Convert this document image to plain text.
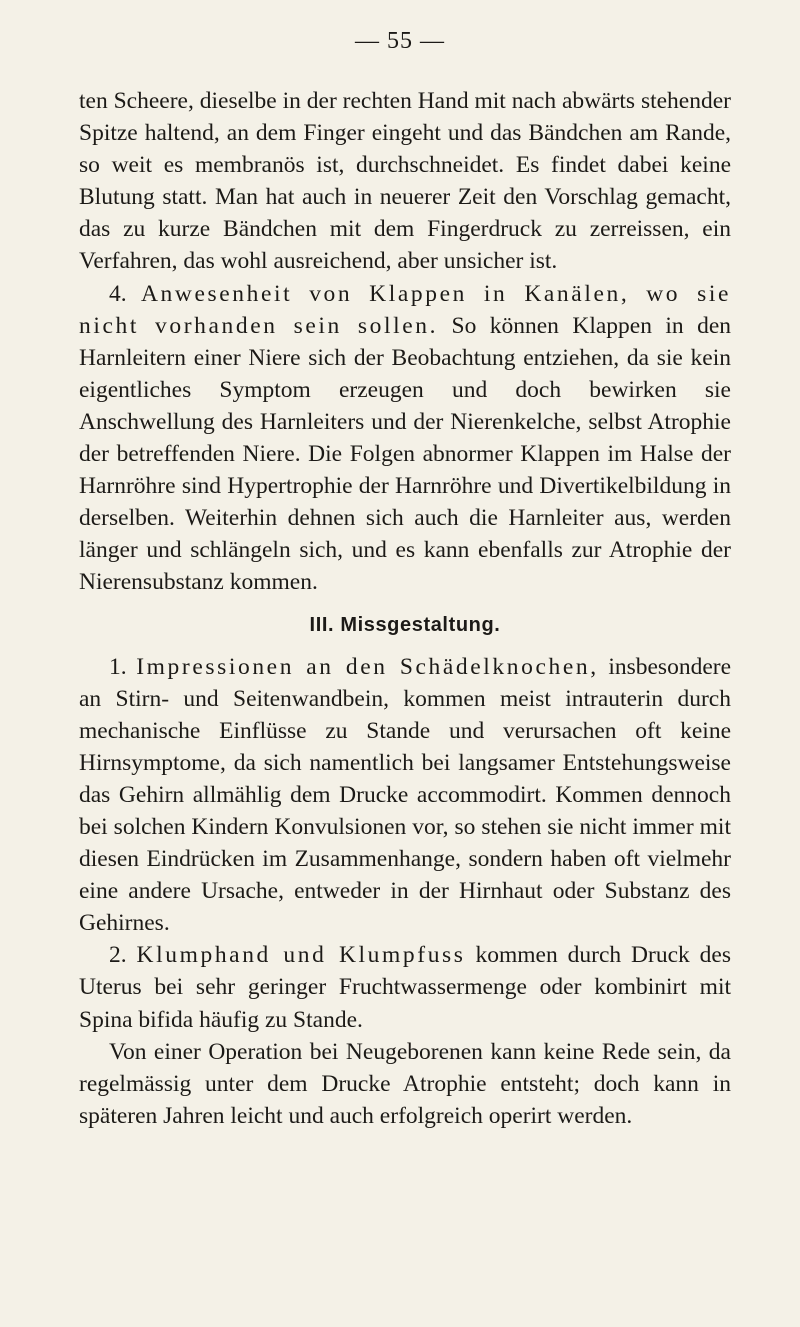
— 55 —

ten Scheere, dieselbe in der rechten Hand mit nach abwärts stehender Spitze haltend, an dem Finger eingeht und das Bändchen am Rande, so weit es membranös ist, durchschneidet. Es findet dabei keine Blutung statt. Man hat auch in neuerer Zeit den Vorschlag gemacht, das zu kurze Bändchen mit dem Fingerdruck zu zerreissen, ein Verfahren, das wohl ausreichend, aber unsicher ist.

4. Anwesenheit von Klappen in Kanälen, wo sie nicht vorhanden sein sollen. So können Klappen in den Harnleitern einer Niere sich der Beobachtung entziehen, da sie kein eigentliches Symptom erzeugen und doch bewirken sie Anschwellung des Harnleiters und der Nierenkelche, selbst Atrophie der betreffenden Niere. Die Folgen abnormer Klappen im Halse der Harnröhre sind Hypertrophie der Harnröhre und Divertikelbildung in derselben. Weiterhin dehnen sich auch die Harnleiter aus, werden länger und schlängeln sich, und es kann ebenfalls zur Atrophie der Nierensubstanz kommen.

III. Missgestaltung.

1. Impressionen an den Schädelknochen, insbesondere an Stirn- und Seitenwandbein, kommen meist intrauterin durch mechanische Einflüsse zu Stande und verursachen oft keine Hirnsymptome, da sich namentlich bei langsamer Entstehungsweise das Gehirn allmählig dem Drucke accommodirt. Kommen dennoch bei solchen Kindern Konvulsionen vor, so stehen sie nicht immer mit diesen Eindrücken im Zusammenhange, sondern haben oft vielmehr eine andere Ursache, entweder in der Hirnhaut oder Substanz des Gehirnes.

2. Klumphand und Klumpfuss kommen durch Druck des Uterus bei sehr geringer Fruchtwassermenge oder kombinirt mit Spina bifida häufig zu Stande.

Von einer Operation bei Neugeborenen kann keine Rede sein, da regelmässig unter dem Drucke Atrophie entsteht; doch kann in späteren Jahren leicht und auch erfolgreich operirt werden.
